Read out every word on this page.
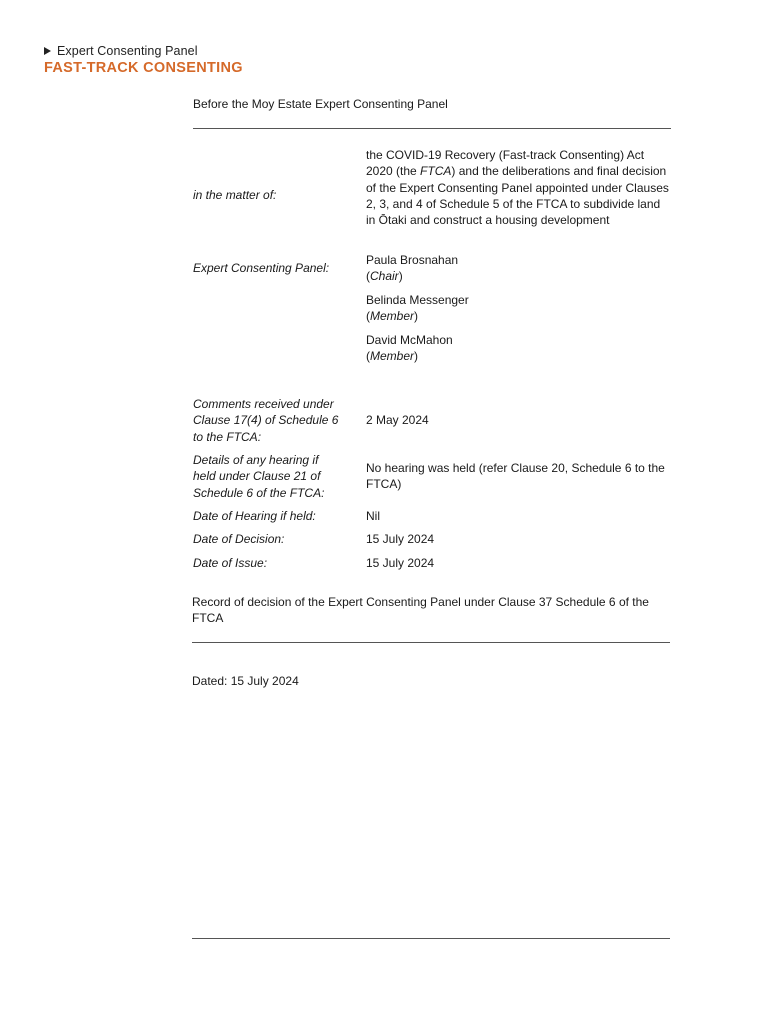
Expert Consenting Panel
FAST-TRACK CONSENTING
Before the Moy Estate Expert Consenting Panel
in the matter of:
the COVID-19 Recovery (Fast-track Consenting) Act 2020 (the FTCA) and the deliberations and final decision of the Expert Consenting Panel appointed under Clauses 2, 3, and 4 of Schedule 5 of the FTCA to subdivide land in Ōtaki and construct a housing development
Expert Consenting Panel:
Paula Brosnahan
(Chair)
Belinda Messenger
(Member)
David McMahon
(Member)
Comments received under Clause 17(4) of Schedule 6 to the FTCA:
2 May 2024
Details of any hearing if held under Clause 21 of Schedule 6 of the FTCA:
No hearing was held (refer Clause 20, Schedule 6 to the FTCA)
Date of Hearing if held:	Nil
Date of Decision:	15 July 2024
Date of Issue:	15 July 2024
Record of decision of the Expert Consenting Panel under Clause 37 Schedule 6 of the FTCA
Dated: 15 July 2024
